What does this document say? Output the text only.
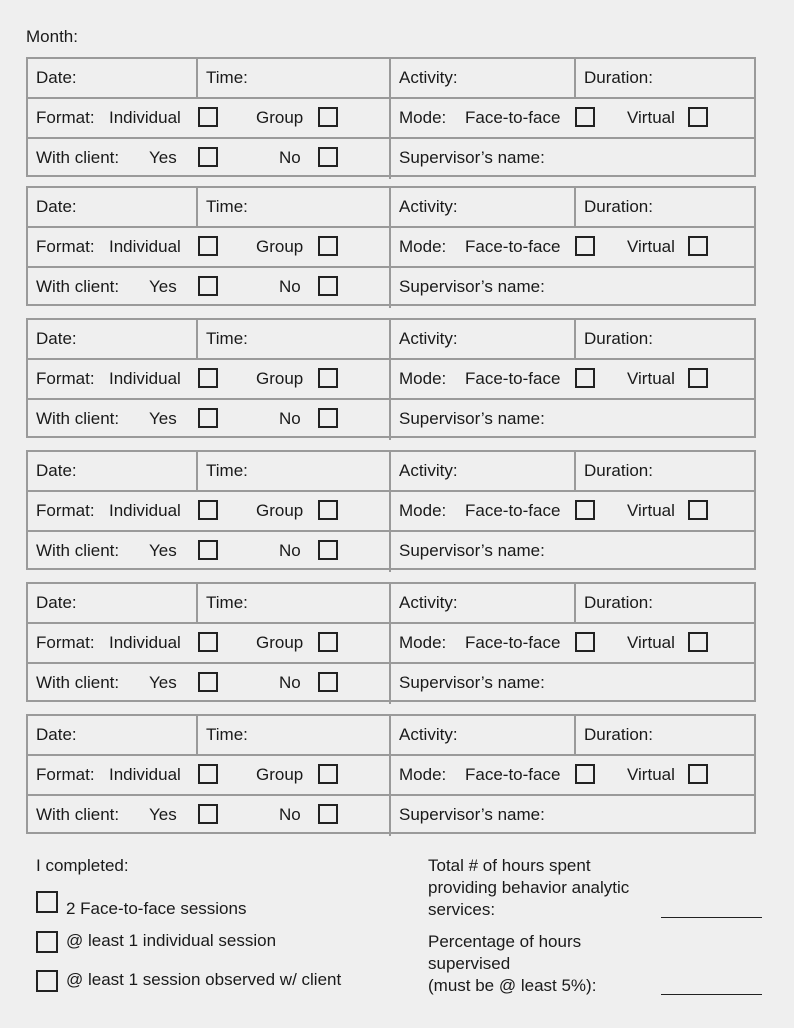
Month:
Date:	Time:	Activity:	Duration:
Format: Individual	Group	Mode: Face-to-face	Virtual
With client: Yes	No	Supervisor’s name:
Date:	Time:	Activity:	Duration:
Format: Individual	Group	Mode: Face-to-face	Virtual
With client: Yes	No	Supervisor’s name:
Date:	Time:	Activity:	Duration:
Format: Individual	Group	Mode: Face-to-face	Virtual
With client: Yes	No	Supervisor’s name:
Date:	Time:	Activity:	Duration:
Format: Individual	Group	Mode: Face-to-face	Virtual
With client: Yes	No	Supervisor’s name:
Date:	Time:	Activity:	Duration:
Format: Individual	Group	Mode: Face-to-face	Virtual
With client: Yes	No	Supervisor’s name:
Date:	Time:	Activity:	Duration:
Format: Individual	Group	Mode: Face-to-face	Virtual
With client: Yes	No	Supervisor’s name:
I completed:
2 Face-to-face sessions
@ least 1 individual session
@ least 1 session observed w/ client
Total # of hours spent
providing behavior analytic
services:
Percentage of hours
supervised
(must be @ least 5%):
